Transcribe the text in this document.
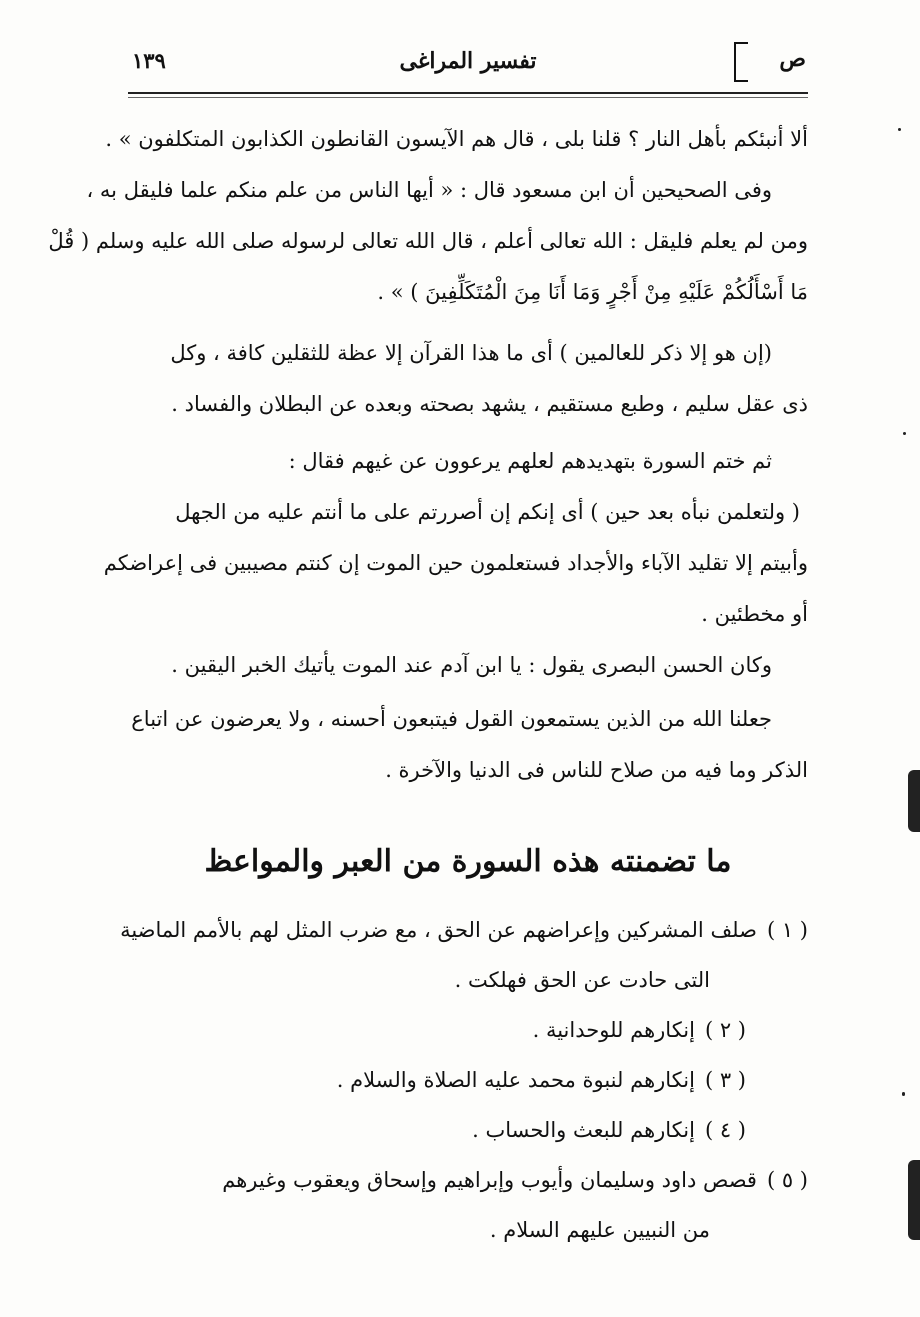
ص
تفسير المراغى
١٣٩
ألا أنبئكم بأهل النار ؟ قلنا بلى ، قال هم الآيسون القانطون الكذابون المتكلفون » .
وفى الصحيحين أن ابن مسعود قال : « أيها الناس من علم منكم علما فليقل به ،
ومن لم يعلم فليقل : الله تعالى أعلم ، قال الله تعالى لرسوله صلى الله عليه وسلم ( قُلْ
مَا أَسْأَلُكُمْ عَلَيْهِ مِنْ أَجْرٍ وَمَا أَنَا مِنَ الْمُتَكَلِّفِينَ ) » .
(إن هو إلا ذكر للعالمين ) أى ما هذا القرآن إلا عظة للثقلين كافة ، وكل
ذى عقل سليم ، وطبع مستقيم ، يشهد بصحته وبعده عن البطلان والفساد .
ثم ختم السورة بتهديدهم لعلهم يرعوون عن غيهم فقال :
( ولتعلمن نبأه بعد حين ) أى إنكم إن أصررتم على ما أنتم عليه من الجهل
وأبيتم إلا تقليد الآباء والأجداد فستعلمون حين الموت إن كنتم مصيبين فى إعراضكم
أو مخطئين .
وكان الحسن البصرى يقول : يا ابن آدم عند الموت يأتيك الخبر اليقين .
جعلنا الله من الذين يستمعون القول فيتبعون أحسنه ، ولا يعرضون عن اتباع
الذكر وما فيه من صلاح للناس فى الدنيا والآخرة .
ما تضمنته هذه السورة من العبر والمواعظ
( ١ )صلف المشركين وإعراضهم عن الحق ، مع ضرب المثل لهم بالأمم الماضية
التى حادت عن الحق فهلكت .
( ٢ )إنكارهم للوحدانية .
( ٣ )إنكارهم لنبوة محمد عليه الصلاة والسلام .
( ٤ )إنكارهم للبعث والحساب .
( ٥ )قصص داود وسليمان وأيوب وإبراهيم وإسحاق ويعقوب وغيرهم
من النبيين عليهم السلام .
